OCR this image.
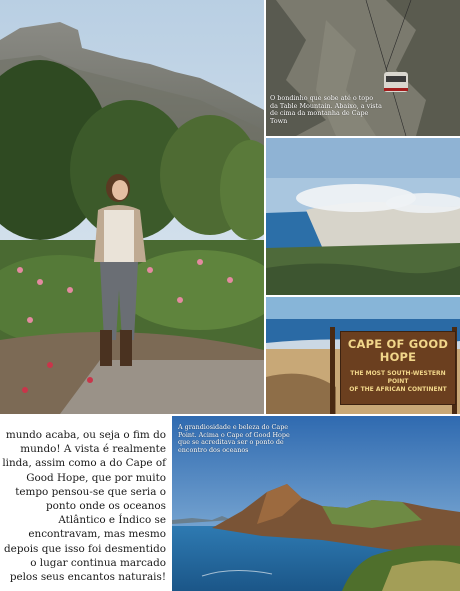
O bondinho que sobe até o topo da Table Mountain. Abaixo, a vista de cima da montanha de Cape Town
CAPE OF GOOD HOPE
THE MOST SOUTH-WESTERN POINT
OF THE AFRICAN CONTINENT

mundo acaba, ou seja o fim do mundo! A vista é realmente linda, assim como a do Cape of Good Hope, que por muito tempo pensou-se que seria o ponto onde os oceanos Atlântico e Índico se encontravam, mas mesmo depois que isso foi desmentido o lugar continua marcado pelos seus encantos naturais!

A grandiosidade e beleza do Cape Point. Acima o Cape of Good Hope que se acreditava ser o ponto de encontro dos oceanos
